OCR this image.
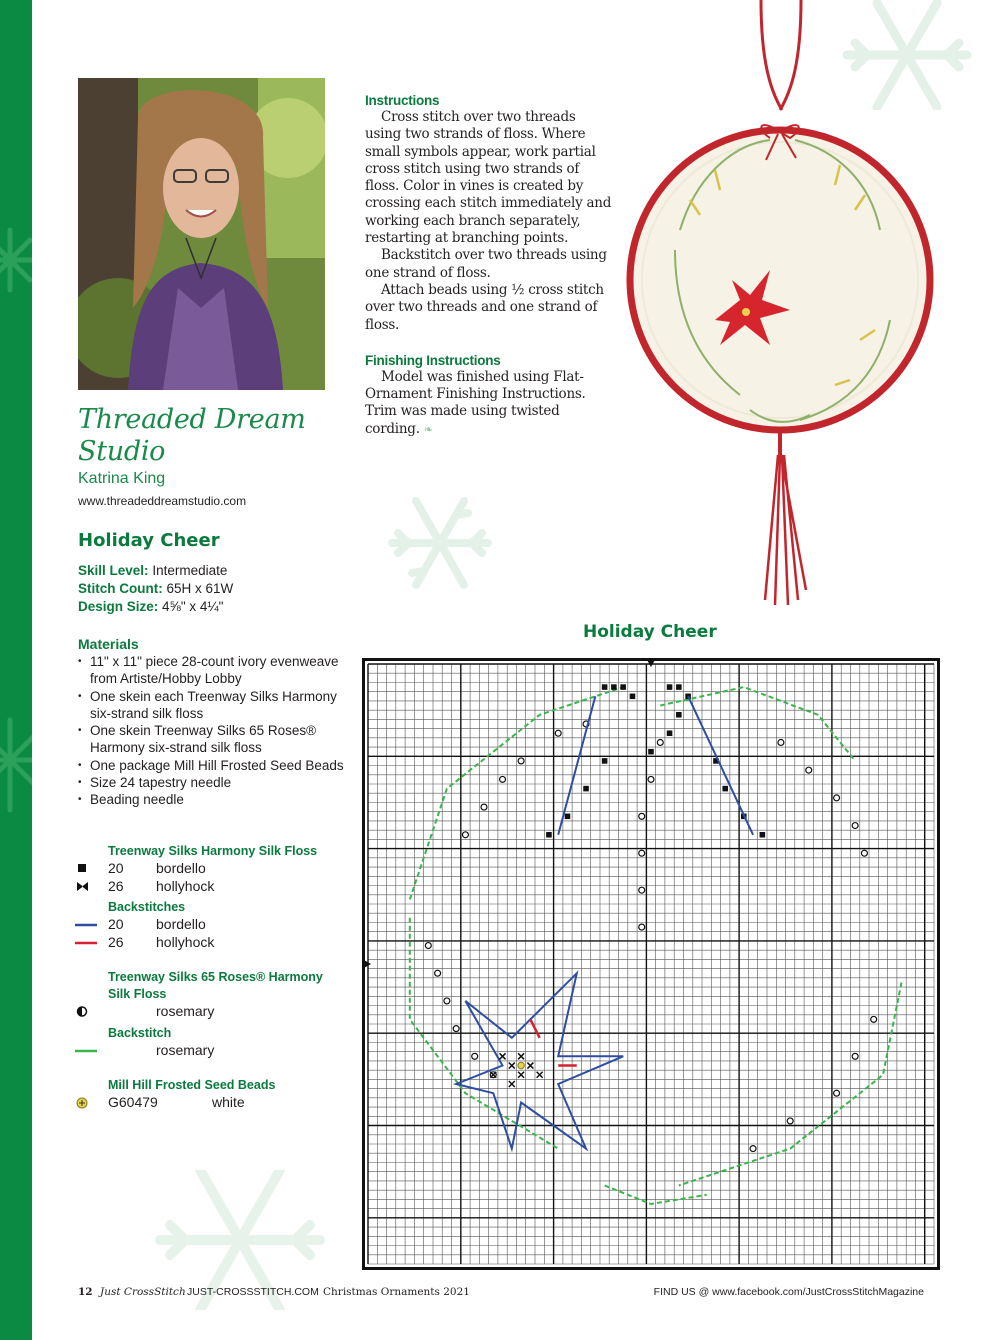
Threaded Dream Studio
Katrina King
www.threadeddreamstudio.com
Holiday Cheer
Skill Level: Intermediate
Stitch Count: 65H x 61W
Design Size: 4⅝" x 4¼"
Materials
• 11" x 11" piece 28-count ivory evenweave from Artiste/Hobby Lobby
• One skein each Treenway Silks Harmony six-strand silk floss
• One skein Treenway Silks 65 Roses® Harmony six-strand silk floss
• One package Mill Hill Frosted Seed Beads
• Size 24 tapestry needle
• Beading needle
Treenway Silks Harmony Silk Floss
20 bordello
26 hollyhock
Backstitches
20 bordello
26 hollyhock
Treenway Silks 65 Roses® Harmony Silk Floss
rosemary
Backstitch
rosemary
Mill Hill Frosted Seed Beads
G60479	white
Instructions

Cross stitch over two threads using two strands of floss. Where small symbols appear, work partial cross stitch using two strands of floss. Color in vines is created by crossing each stitch immediately and working each branch separately, restarting at branching points.

Backstitch over two threads using one strand of floss.

Attach beads using ½ cross stitch over two threads and one strand of floss.

Finishing Instructions

Model was finished using Flat-Ornament Finishing Instructions. Trim was made using twisted cording. ❧

Holiday Cheer
12 Just CrossStitch JUST-CROSSSTITCH.COM Christmas Ornaments 2021	FIND US @ www.facebook.com/JustCrossStitchMagazine
